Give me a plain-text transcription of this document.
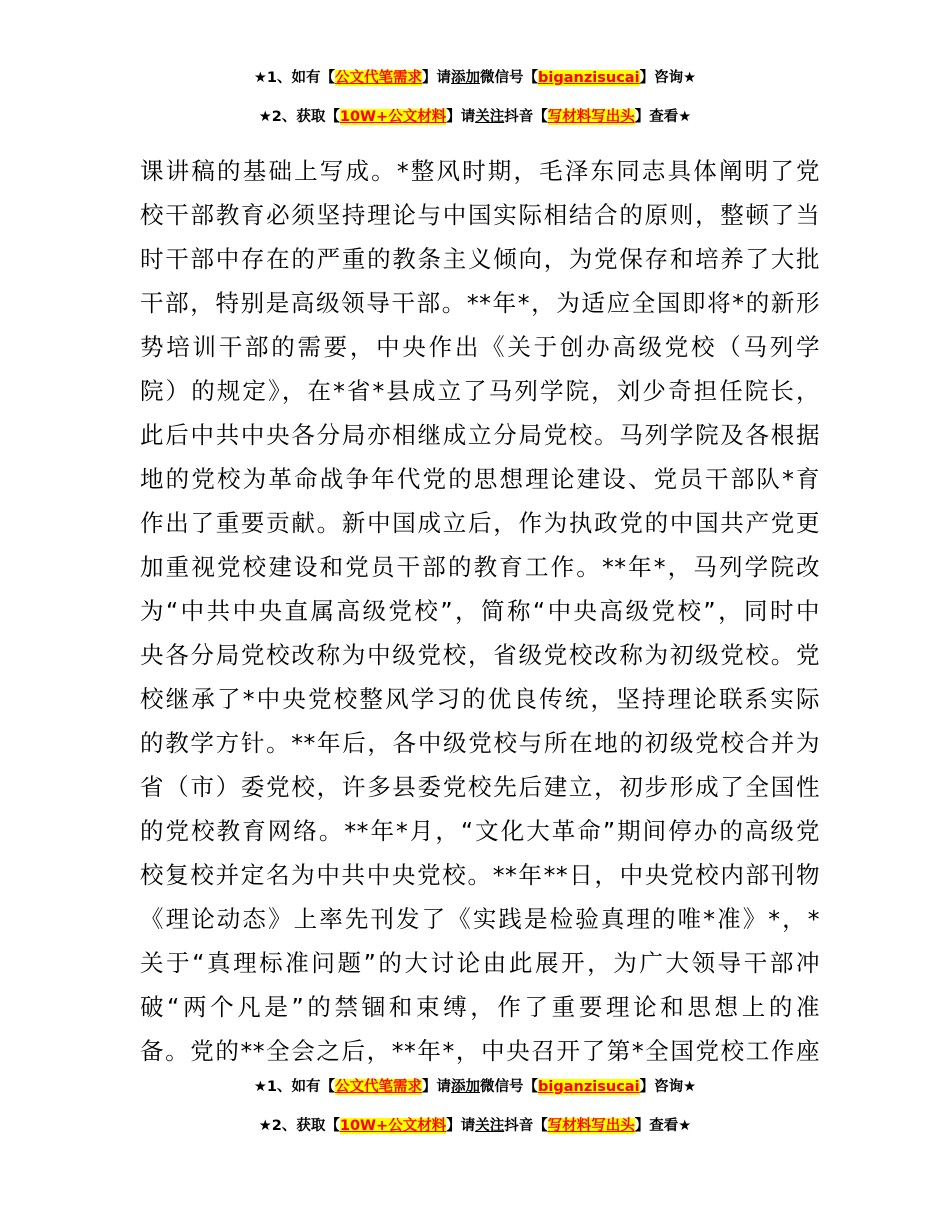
★1、如有【公文代笔需求】请添加微信号【biganzisucai】咨询★
★2、获取【10W+公文材料】请关注抖音【写材料写出头】查看★
课讲稿的基础上写成。*整风时期，毛泽东同志具体阐明了党
校干部教育必须坚持理论与中国实际相结合的原则，整顿了当
时干部中存在的严重的教条主义倾向，为党保存和培养了大批
干部，特别是高级领导干部。**年*，为适应全国即将*的新形
势培训干部的需要，中央作出《关于创办高级党校（马列学
院）的规定》，在*省*县成立了马列学院，刘少奇担任院长，
此后中共中央各分局亦相继成立分局党校。马列学院及各根据
地的党校为革命战争年代党的思想理论建设、党员干部队*育
作出了重要贡献。新中国成立后，作为执政党的中国共产党更
加重视党校建设和党员干部的教育工作。**年*，马列学院改
为“中共中央直属高级党校”，简称“中央高级党校”，同时中
央各分局党校改称为中级党校，省级党校改称为初级党校。党
校继承了*中央党校整风学习的优良传统，坚持理论联系实际
的教学方针。**年后，各中级党校与所在地的初级党校合并为
省（市）委党校，许多县委党校先后建立，初步形成了全国性
的党校教育网络。**年*月，“文化大革命”期间停办的高级党
校复校并定名为中共中央党校。**年**日，中央党校内部刊物
《理论动态》上率先刊发了《实践是检验真理的唯*准》*，*
关于“真理标准问题”的大讨论由此展开，为广大领导干部冲
破“两个凡是”的禁锢和束缚，作了重要理论和思想上的准
备。党的**全会之后，**年*，中央召开了第*全国党校工作座
★1、如有【公文代笔需求】请添加微信号【biganzisucai】咨询★
★2、获取【10W+公文材料】请关注抖音【写材料写出头】查看★
